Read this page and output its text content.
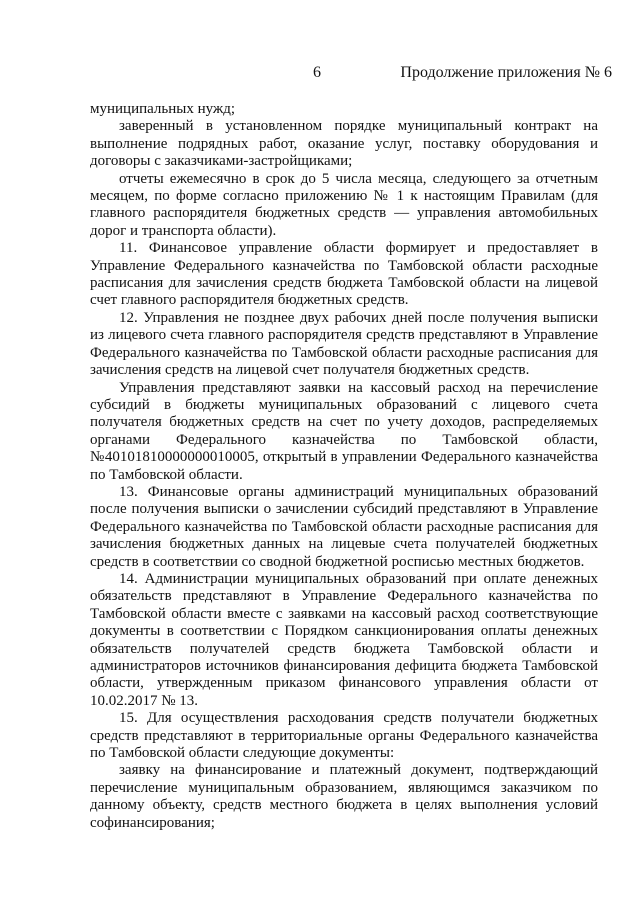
6	Продолжение приложения № 6

муниципальных нужд;

заверенный в установленном порядке муниципальный контракт на выполнение подрядных работ, оказание услуг, поставку оборудования и договоры с заказчиками-застройщиками;

отчеты ежемесячно в срок до 5 числа месяца, следующего за отчетным месяцем, по форме согласно приложению № 1 к настоящим Правилам (для главного распорядителя бюджетных средств — управления автомобильных дорог и транспорта области).

11. Финансовое управление области формирует и предоставляет в Управление Федерального казначейства по Тамбовской области расходные расписания для зачисления средств бюджета Тамбовской области на лицевой счет главного распорядителя бюджетных средств.

12. Управления не позднее двух рабочих дней после получения выписки из лицевого счета главного распорядителя средств представляют в Управление Федерального казначейства по Тамбовской области расходные расписания для зачисления средств на лицевой счет получателя бюджетных средств.

Управления представляют заявки на кассовый расход на перечисление субсидий в бюджеты муниципальных образований с лицевого счета получателя бюджетных средств на счет по учету доходов, распределяемых органами Федерального казначейства по Тамбовской области, №40101810000000010005, открытый в управлении Федерального казначейства по Тамбовской области.

13. Финансовые органы администраций муниципальных образований после получения выписки о зачислении субсидий представляют в Управление Федерального казначейства по Тамбовской области расходные расписания для зачисления бюджетных данных на лицевые счета получателей бюджетных средств в соответствии со сводной бюджетной росписью местных бюджетов.

14. Администрации муниципальных образований при оплате денежных обязательств представляют в Управление Федерального казначейства по Тамбовской области вместе с заявками на кассовый расход соответствующие документы в соответствии с Порядком санкционирования оплаты денежных обязательств получателей средств бюджета Тамбовской области и администраторов источников финансирования дефицита бюджета Тамбовской области, утвержденным приказом финансового управления области от 10.02.2017 № 13.

15. Для осуществления расходования средств получатели бюджетных средств представляют в территориальные органы Федерального казначейства по Тамбовской области следующие документы:

заявку на финансирование и платежный документ, подтверждающий перечисление муниципальным образованием, являющимся заказчиком по данному объекту, средств местного бюджета в целях выполнения условий софинансирования;
